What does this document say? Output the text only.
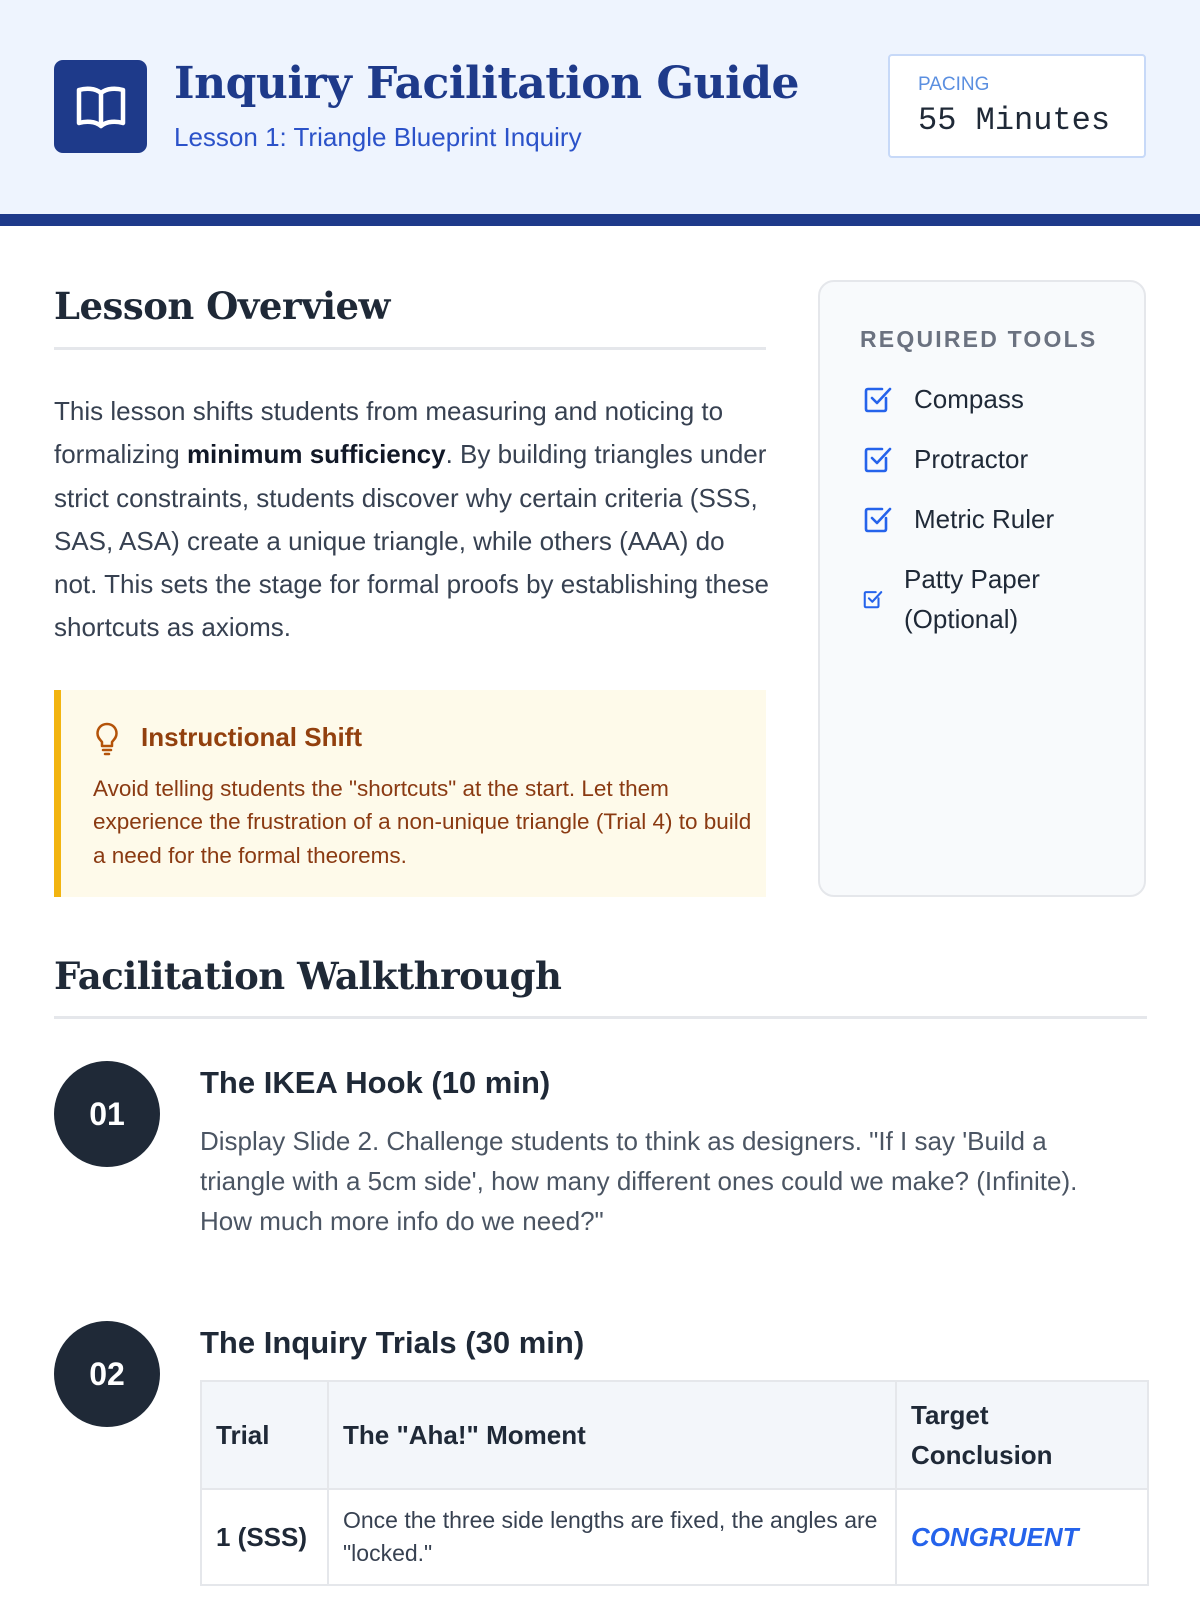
Inquiry Facilitation Guide
Lesson 1: Triangle Blueprint Inquiry
PACING
55 Minutes
Lesson Overview

This lesson shifts students from measuring and noticing to formalizing minimum sufficiency. By building triangles under strict constraints, students discover why certain criteria (SSS, SAS, ASA) create a unique triangle, while others (AAA) do not. This sets the stage for formal proofs by establishing these shortcuts as axioms.

Instructional Shift

Avoid telling students the "shortcuts" at the start. Let them experience the frustration of a non-unique triangle (Trial 4) to build a need for the formal theorems.

REQUIRED TOOLS
Compass
Protractor
Metric Ruler
Patty Paper (Optional)
Facilitation Walkthrough
01
The IKEA Hook (10 min)

Display Slide 2. Challenge students to think as designers. "If I say 'Build a triangle with a 5cm side', how many different ones could we make? (Infinite). How much more info do we need?"

02
The Inquiry Trials (30 min)
Trial	The "Aha!" Moment	Target Conclusion
1 (SSS)	Once the three side lengths are fixed, the angles are "locked."	CONGRUENT
